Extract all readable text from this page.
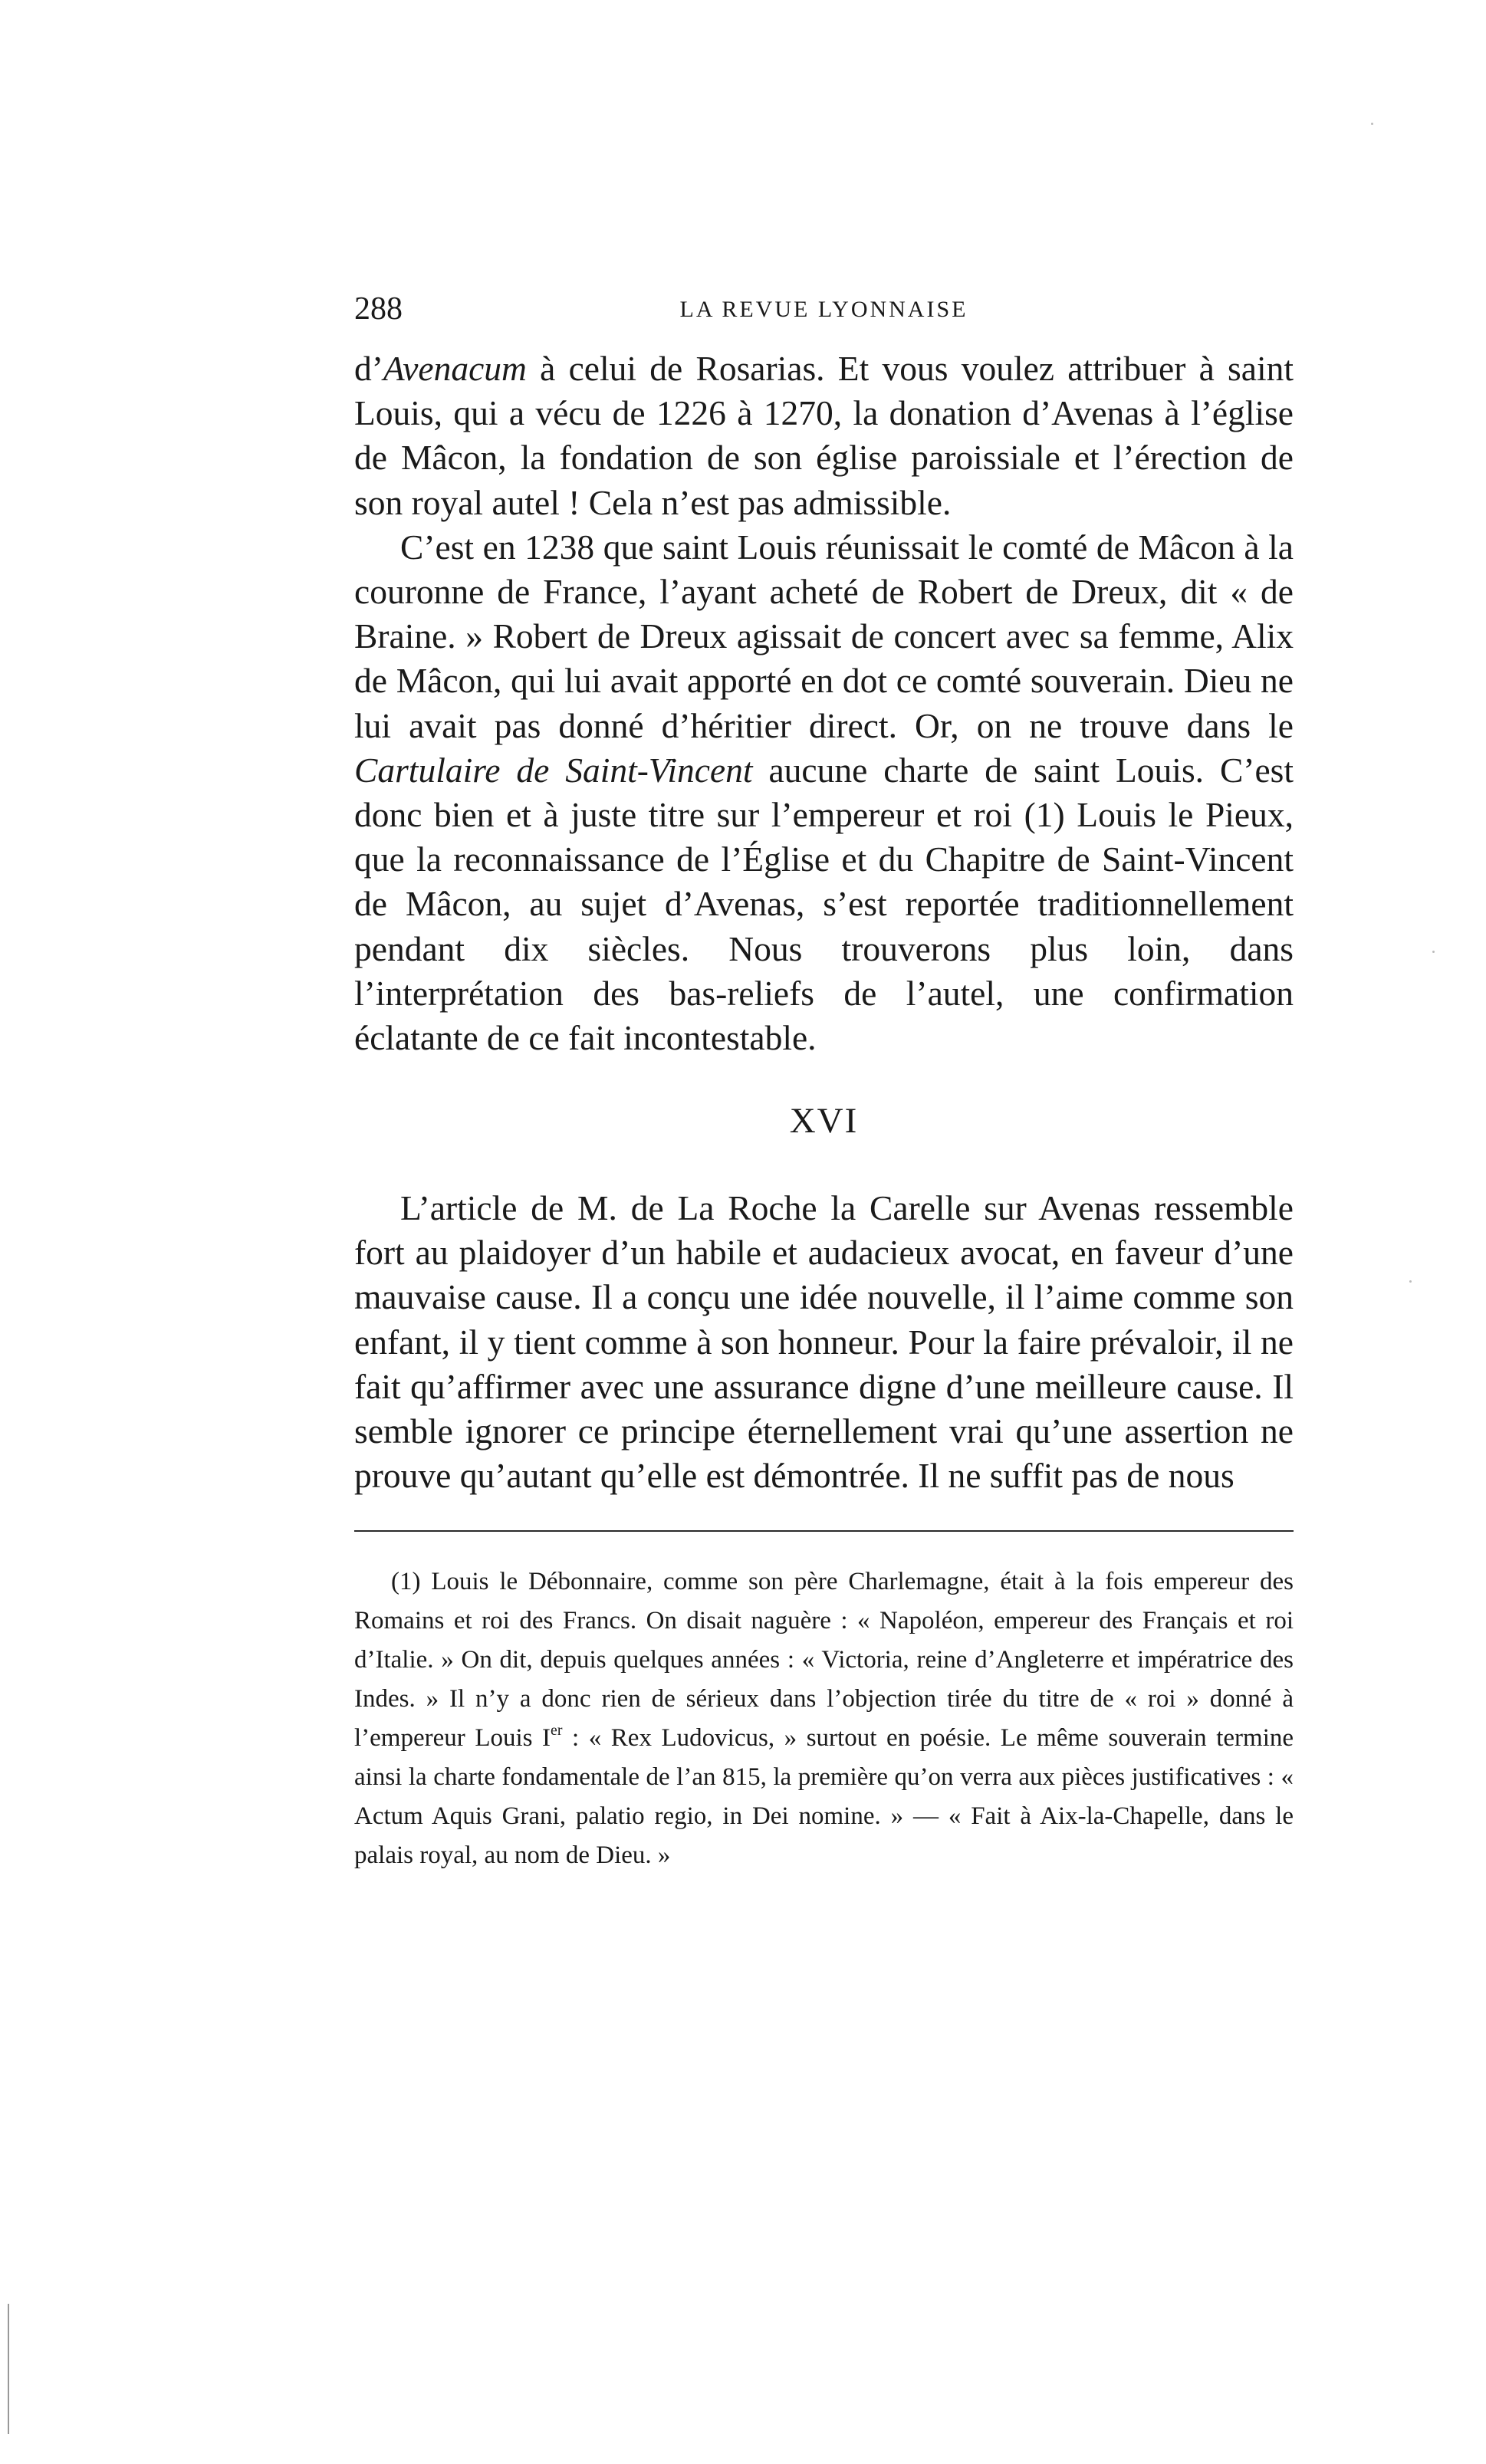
288	LA REVUE LYONNAISE

d’Avenacum à celui de Rosarias. Et vous voulez attribuer à saint Louis, qui a vécu de 1226 à 1270, la donation d’Avenas à l’église de Mâcon, la fondation de son église paroissiale et l’érection de son royal autel ! Cela n’est pas admissible.

C’est en 1238 que saint Louis réunissait le comté de Mâcon à la couronne de France, l’ayant acheté de Robert de Dreux, dit « de Braine. » Robert de Dreux agissait de concert avec sa femme, Alix de Mâcon, qui lui avait apporté en dot ce comté souverain. Dieu ne lui avait pas donné d’héritier direct. Or, on ne trouve dans le Cartulaire de Saint-Vincent aucune charte de saint Louis. C’est donc bien et à juste titre sur l’empereur et roi (1) Louis le Pieux, que la reconnaissance de l’Église et du Chapitre de Saint-Vincent de Mâcon, au sujet d’Avenas, s’est reportée traditionnellement pendant dix siècles. Nous trouverons plus loin, dans l’interprétation des bas-reliefs de l’autel, une confirmation éclatante de ce fait incontestable.

XVI

L’article de M. de La Roche la Carelle sur Avenas ressemble fort au plaidoyer d’un habile et audacieux avocat, en faveur d’une mauvaise cause. Il a conçu une idée nouvelle, il l’aime comme son enfant, il y tient comme à son honneur. Pour la faire prévaloir, il ne fait qu’affirmer avec une assurance digne d’une meilleure cause. Il semble ignorer ce principe éternellement vrai qu’une assertion ne prouve qu’autant qu’elle est démontrée. Il ne suffit pas de nous

(1) Louis le Débonnaire, comme son père Charlemagne, était à la fois empereur des Romains et roi des Francs. On disait naguère : « Napoléon, empereur des Français et roi d’Italie. » On dit, depuis quelques années : « Victoria, reine d’Angleterre et impératrice des Indes. » Il n’y a donc rien de sérieux dans l’objection tirée du titre de « roi » donné à l’empereur Louis Ier : « Rex Ludovicus, » surtout en poésie. Le même souverain termine ainsi la charte fondamentale de l’an 815, la première qu’on verra aux pièces justificatives : « Actum Aquis Grani, palatio regio, in Dei nomine. » — « Fait à Aix-la-Chapelle, dans le palais royal, au nom de Dieu. »
